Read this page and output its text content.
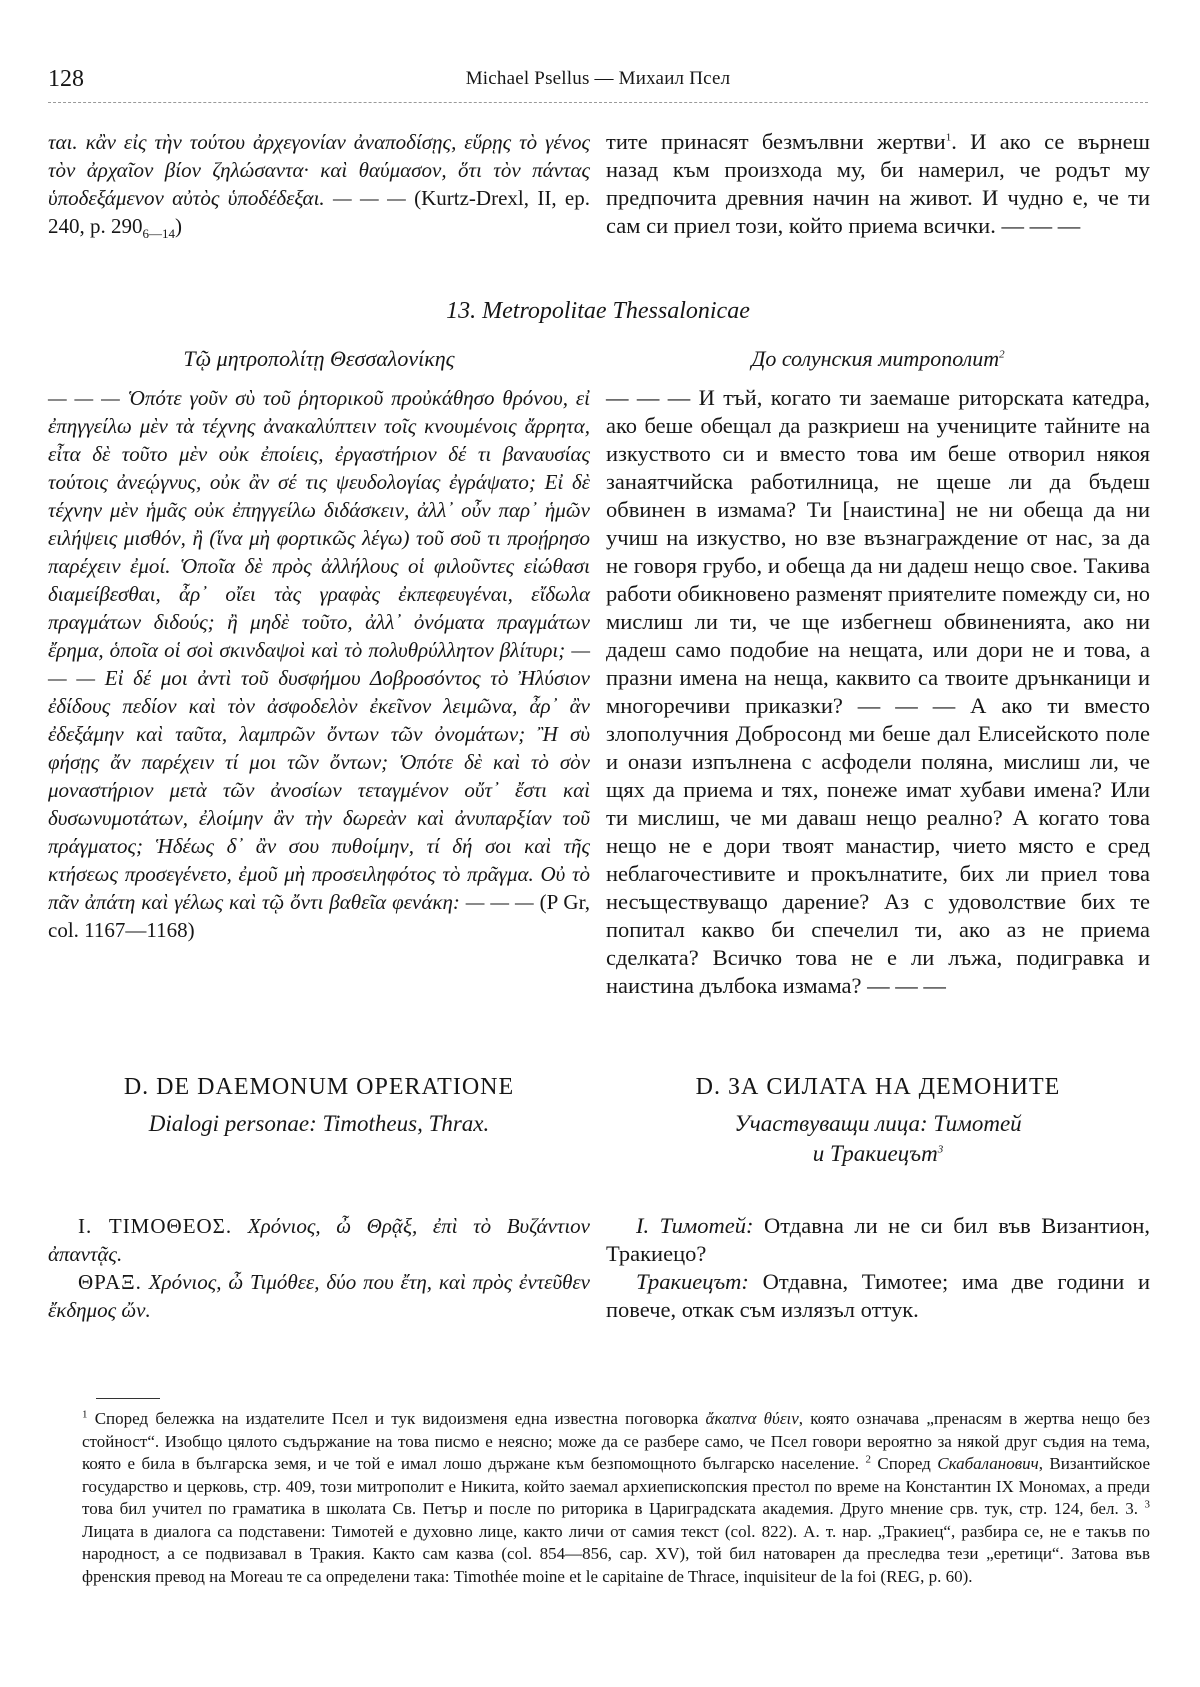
128	Michael Psellus — Михаил Псел
ται. κἂν εἰς τὴν τούτου ἀρχεγονίαν ἀναποδίσῃς, εὕρῃς τὸ γένος τὸν ἀρχαῖον βίον ζηλώσαντα· καὶ θαύμασον, ὅτι τὸν πάντας ὑποδεξάμενον αὐτὸς ὑποδέδεξαι. — — — (Kurtz-Drexl, II, ep. 240, p. $290_{6—14}$)
тите принасят безмълвни жертви$^1$. И ако се върнеш назад към произхода му, би намерил, че родът му предпочита древния начин на живот. И чудно е, че ти сам си приел този, който приема всички. — — —
13. Metropolitae Thessalonicae
Τῷ μητροπολίτῃ Θεσσαλονίκης	До солунския митрополит$^2$
— — — Ὁπότε γοῦν σὺ τοῦ ῥητορικοῦ προὐκάθησο θρόνου, εἰ ἐπηγγείλω μὲν τὰ τέχνης ἀνακαλύπτειν τοῖς κνουμένοις ἄρρητα, εἶτα δὲ τοῦτο μὲν οὐκ ἐποίεις, ἐργαστήριον δέ τι βαναυσίας τούτοις ἀνεῴγνυς, οὐκ ἂν σέ τις ψευδολογίας ἐγράψατο; Εἰ δὲ τέχνην μὲν ἡμᾶς οὐκ ἐπηγγείλω διδάσκειν, ἀλλ᾽ οὖν παρ᾽ ἡμῶν ειλήψεις μισθόν, ἢ (ἵνα μὴ φορτικῶς λέγω) τοῦ σοῦ τι προῄρησο παρέχειν ἐμοί. Ὁποῖα δὲ πρὸς ἀλλήλους οἱ φιλοῦντες εἰώθασι διαμείβεσθαι, ἆρ᾽ οἴει τὰς γραφὰς ἐκπεφευγέναι, εἴδωλα πραγμάτων διδούς; ἢ μηδὲ τοῦτο, ἀλλ᾽ ὀνόματα πραγμάτων ἔρημα, ὁποῖα οἱ σοὶ σκινδαψοὶ καὶ τὸ πολυθρύλλητον βλίτυρι; — — — Εἰ δέ μοι ἀντὶ τοῦ δυσφήμου Δοβροσόντος τὸ Ἠλύσιον ἐδίδους πεδίον καὶ τὸν ἀσφοδελὸν ἐκεῖνον λειμῶνα, ἆρ᾽ ἂν ἐδεξάμην καὶ ταῦτα, λαμπρῶν ὄντων τῶν ὀνομάτων; Ἢ σὺ φήσῃς ἄν παρέχειν τί μοι τῶν ὄντων; Ὁπότε δὲ καὶ τὸ σὸν μοναστήριον μετὰ τῶν ἀνοσίων τεταγμένον οὔτ᾽ ἔστι καὶ δυσωνυμοτάτων, ἐλοίμην ἂν τὴν δωρεὰν καὶ ἀνυπαρξίαν τοῦ πράγματος; Ἡδέως δ᾽ ἂν σου πυθοίμην, τί δή σοι καὶ τῆς κτήσεως προσεγένετο, ἐμοῦ μὴ προσειληφότος τὸ πρᾶγμα. Οὐ τὸ πᾶν ἀπάτη καὶ γέλως καὶ τῷ ὄντι βαθεῖα φενάκη: — — — (P Gr, col. 1167—1168)
— — — И тъй, когато ти заемаше риторската катедра, ако беше обещал да разкриеш на учениците тайните на изкуството си и вместо това им беше отворил някоя занаятчийска работилница, не щеше ли да бъдеш обвинен в измама? Ти [наистина] не ни обеща да ни учиш на изкуство, но взе възнаграждение от нас, за да не говоря грубо, и обеща да ни дадеш нещо свое. Такива работи обикновено разменят приятелите помежду си, но мислиш ли ти, че ще избегнеш обвиненията, ако ни дадеш само подобие на нещата, или дори не и това, а празни имена на неща, каквито са твоите дрънканици и многоречиви приказки? — — — А ако ти вместо злополучния Добросонд ми беше дал Елисейското поле и онази изпълнена с асфодели поляна, мислиш ли, че щях да приема и тях, понеже имат хубави имена? Или ти мислиш, че ми даваш нещо реално? А когато това нещо не е дори твоят манастир, чието място е сред неблагочестивите и прокълнатите, бих ли приел това несъществуващо дарение? Аз с удоволствие бих те попитал какво би спечелил ти, ако аз не приема сделката? Всичко това не е ли лъжа, подигравка и наистина дълбока измама? — — —
D. DE DAEMONUM OPERATIONE
Dialogi personae: Timotheus, Thrax.
D. ЗА СИЛАТА НА ДЕМОНИТЕ
Участвуващи лица: Тимотей
и Тракиецът$^3$

I. ΤΙΜΟΘΕΟΣ. Χρόνιος, ὦ Θρᾷξ, ἐπὶ τὸ Βυζάντιον ἀπαντᾷς.

ΘΡΑΞ. Χρόνιος, ὦ Τιμόθεε, δύο που ἔτη, καὶ πρὸς ἐντεῦθεν ἔκδημος ὤν.

I. Тимотей: Отдавна ли не си бил във Византион, Тракиецо?

Тракиецът: Отдавна, Тимотее; има две години и повече, откак съм излязъл оттук.

$^1$ Според бележка на издателите Псел и тук видоизменя една известна поговорка ἄκαπνα θύειν, която означава „пренасям в жертва нещо без стойност“. Изобщо цялото съдържание на това писмо е неясно; може да се разбере само, че Псел говори вероятно за някой друг съдия на тема, която е била в българска земя, и че той е имал лошо държане към безпомощното българско население. $^2$ Според Скабаланович, Византийское государство и церковь, стр. 409, този митрополит е Никита, който заемал архиепископския престол по време на Константин IX Мономах, а преди това бил учител по граматика в школата Св. Петър и после по риторика в Цариградската академия. Друго мнение срв. тук, стр. 124, бел. 3. $^3$ Лицата в диалога са подставени: Тимотей е духовно лице, както личи от самия текст (col. 822). А. т. нар. „Тракиец“, разбира се, не е такъв по народност, а се подвизавал в Тракия. Както сам казва (col. 854—856, cap. XV), той бил натоварен да преследва тези „еретици“. Затова във френския превод на Moreau те са определени така: Timothée moine et le capitaine de Thrace, inquisiteur de la foi (REG, p. 60).
